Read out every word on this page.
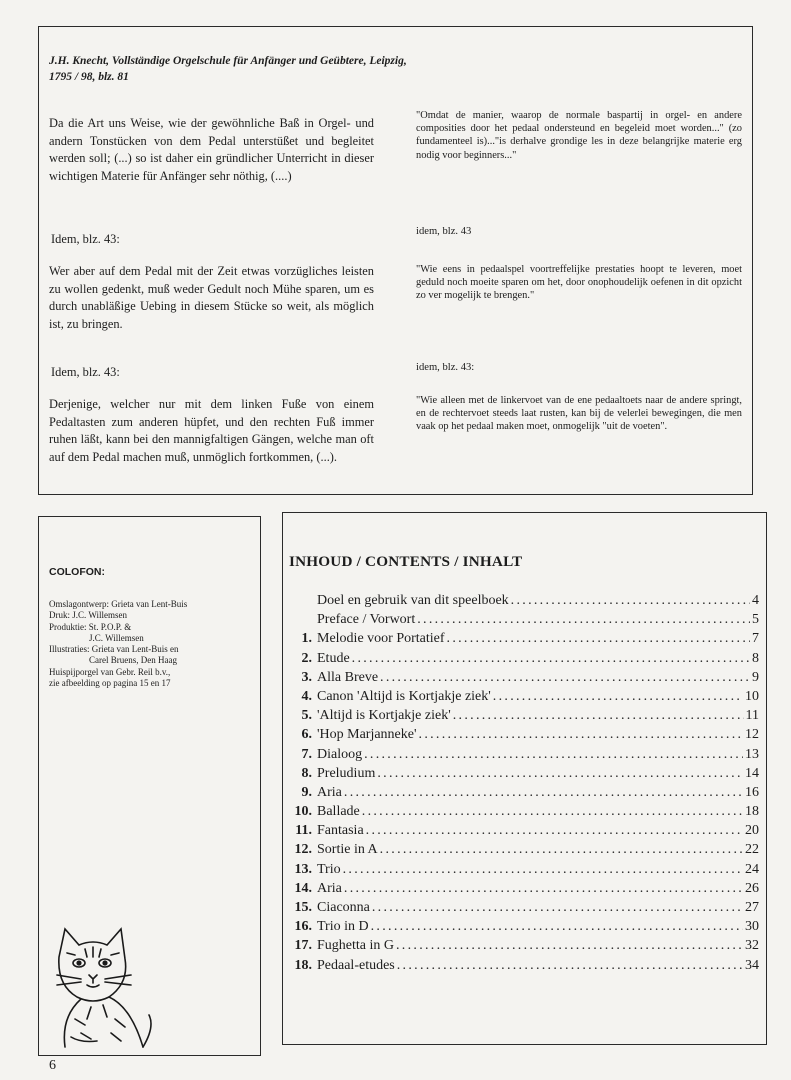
J.H. Knecht, Vollständige Orgelschule für Anfänger und Geübtere, Leipzig, 1795 / 98, blz. 81
Da die Art uns Weise, wie der gewöhnliche Baß in Orgel- und andern Tonstücken von dem Pedal unterstüßet und begleitet werden soll; (...) so ist daher ein gründlicher Unterricht in dieser wichtigen Materie für Anfänger sehr nöthig, (....)
"Omdat de manier, waarop de normale baspartij in orgel- en andere composities door het pedaal ondersteund en begeleid moet worden..." (zo fundamenteel is)..."is derhalve grondige les in deze belangrijke materie erg nodig voor beginners..."
Idem, blz. 43:
idem, blz. 43
Wer aber auf dem Pedal mit der Zeit etwas vorzügliches leisten zu wollen gedenkt, muß weder Gedult noch Mühe sparen, um es durch unabläßige Uebing in diesem Stücke so weit, als möglich ist, zu bringen.
"Wie eens in pedaalspel voortreffelijke prestaties hoopt te leveren, moet geduld noch moeite sparen om het, door onophoudelijk oefenen in dit opzicht zo ver mogelijk te brengen."
Idem, blz. 43:	idem, blz. 43:
Derjenige, welcher nur mit dem linken Fuße von einem Pedaltasten zum anderen hüpfet, und den rechten Fuß immer ruhen läßt, kann bei den mannigfaltigen Gängen, welche man oft auf dem Pedal machen muß, unmöglich fortkommen, (...).
"Wie alleen met de linkervoet van de ene pedaaltoets naar de andere springt, en de rechtervoet steeds laat rusten, kan bij de velerlei bewegingen, die men vaak op het pedaal maken moet, onmogelijk "uit de voeten".
COLOFON:
Omslagontwerp: Grieta van Lent-Buis
Druk: J.C. Willemsen
Produktie: St. P.O.P. &
J.C. Willemsen
Illustraties: Grieta van Lent-Buis en
Carel Bruens, Den Haag
Huispijporgel van Gebr. Reil b.v.,
zie afbeelding op pagina 15 en 17
INHOUD / CONTENTS / INHALT
Doel en gebruik van dit speelboek .....	4
Preface / Vorwort .....	5
1. Melodie voor Portatief .....	7
2. Etude .....	8
3. Alla Breve .....	9
4. Canon 'Altijd is Kortjakje ziek' .....	10
5. 'Altijd is Kortjakje ziek' .....	11
6. 'Hop Marjanneke' .....	12
7. Dialoog .....	13
8. Preludium .....	14
9. Aria .....	16
10. Ballade .....	18
11. Fantasia .....	20
12. Sortie in A .....	22
13. Trio .....	24
14. Aria .....	26
15. Ciaconna .....	27
16. Trio in D .....	30
17. Fughetta in G .....	32
18. Pedaal-etudes .....	34
6
